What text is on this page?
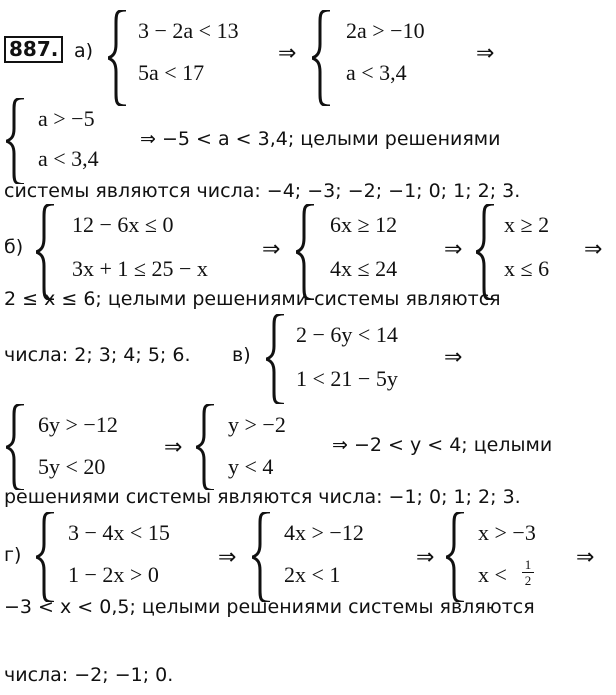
887. а)
3 − 2a < 13
5a < 17
⇒
2a > −10
a < 3,4
⇒
a > −5
a < 3,4
⇒ −5 < a < 3,4; целыми решениями
системы являются числа: −4; −3; −2; −1; 0; 1; 2; 3.
б)
12 − 6x ≤ 0
3x + 1 ≤ 25 − x
⇒
6x ≥ 12
4x ≤ 24
⇒
x ≥ 2
x ≤ 6
⇒
2 ≤ x ≤ 6; целыми решениями системы являются
числа: 2; 3; 4; 5; 6. в)
2 − 6y < 14
1 < 21 − 5y
⇒
6y > −12
5y < 20
⇒
y > −2
y < 4
⇒ −2 < y < 4; целыми
решениями системы являются числа: −1; 0; 1; 2; 3.
г)
3 − 4x < 15
1 − 2x > 0
⇒
4x > −12
2x < 1
⇒
x > −3
x < 1
2
⇒
−3 < x < 0,5; целыми решениями системы являются
числа: −2; −1; 0.
